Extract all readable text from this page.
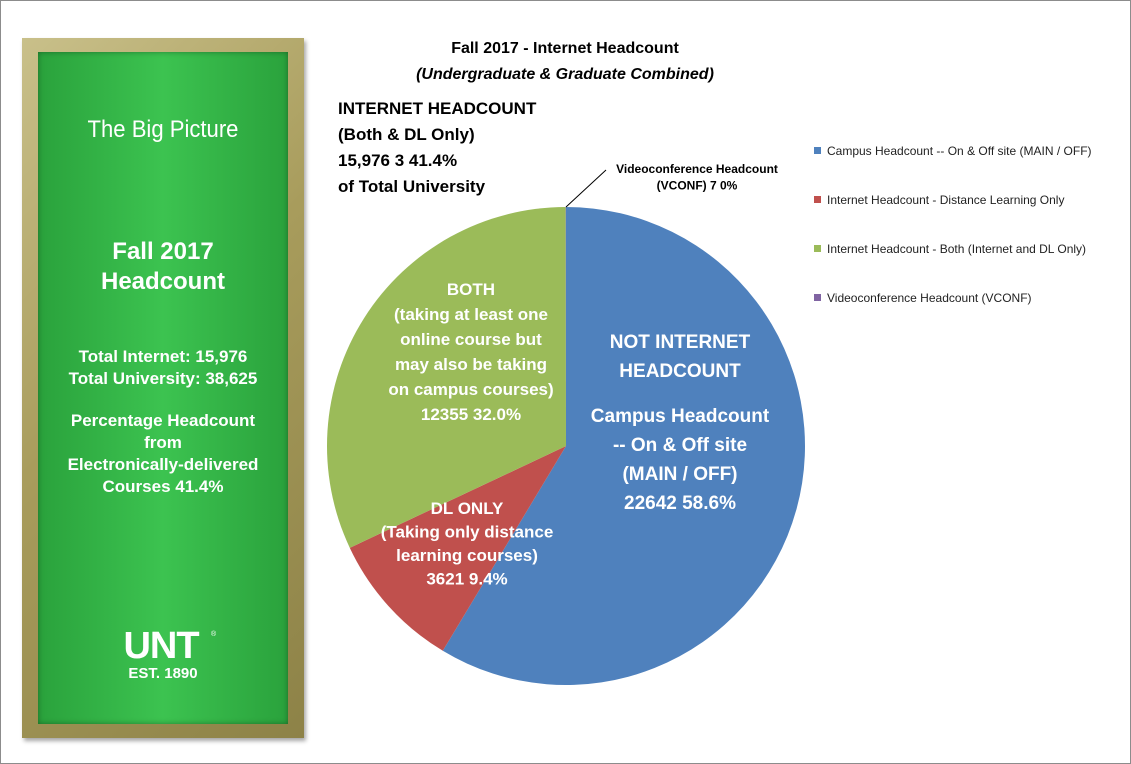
The Big Picture
Fall 2017
Headcount
Total Internet: 15,976
Total University: 38,625
Percentage Headcount
from
Electronically-delivered
Courses 41.4%
UNT ®
EST. 1890
Fall 2017 - Internet Headcount
(Undergraduate & Graduate Combined)
INTERNET HEADCOUNT
(Both & DL Only)
15,976 3 41.4%
of Total University
NOT INTERNET
HEADCOUNT
Campus Headcount
-- On & Off site
(MAIN / OFF)
22642 58.6%
DL ONLY
(Taking only distance
learning courses)
3621 9.4%
BOTH
(taking at least one
online course but
may also be taking
on campus courses)
12355 32.0%
Videoconference Headcount
(VCONF) 7 0%
Campus Headcount -- On & Off site (MAIN / OFF)
Internet Headcount - Distance Learning Only
Internet Headcount - Both (Internet and DL Only)
Videoconference Headcount (VCONF)
